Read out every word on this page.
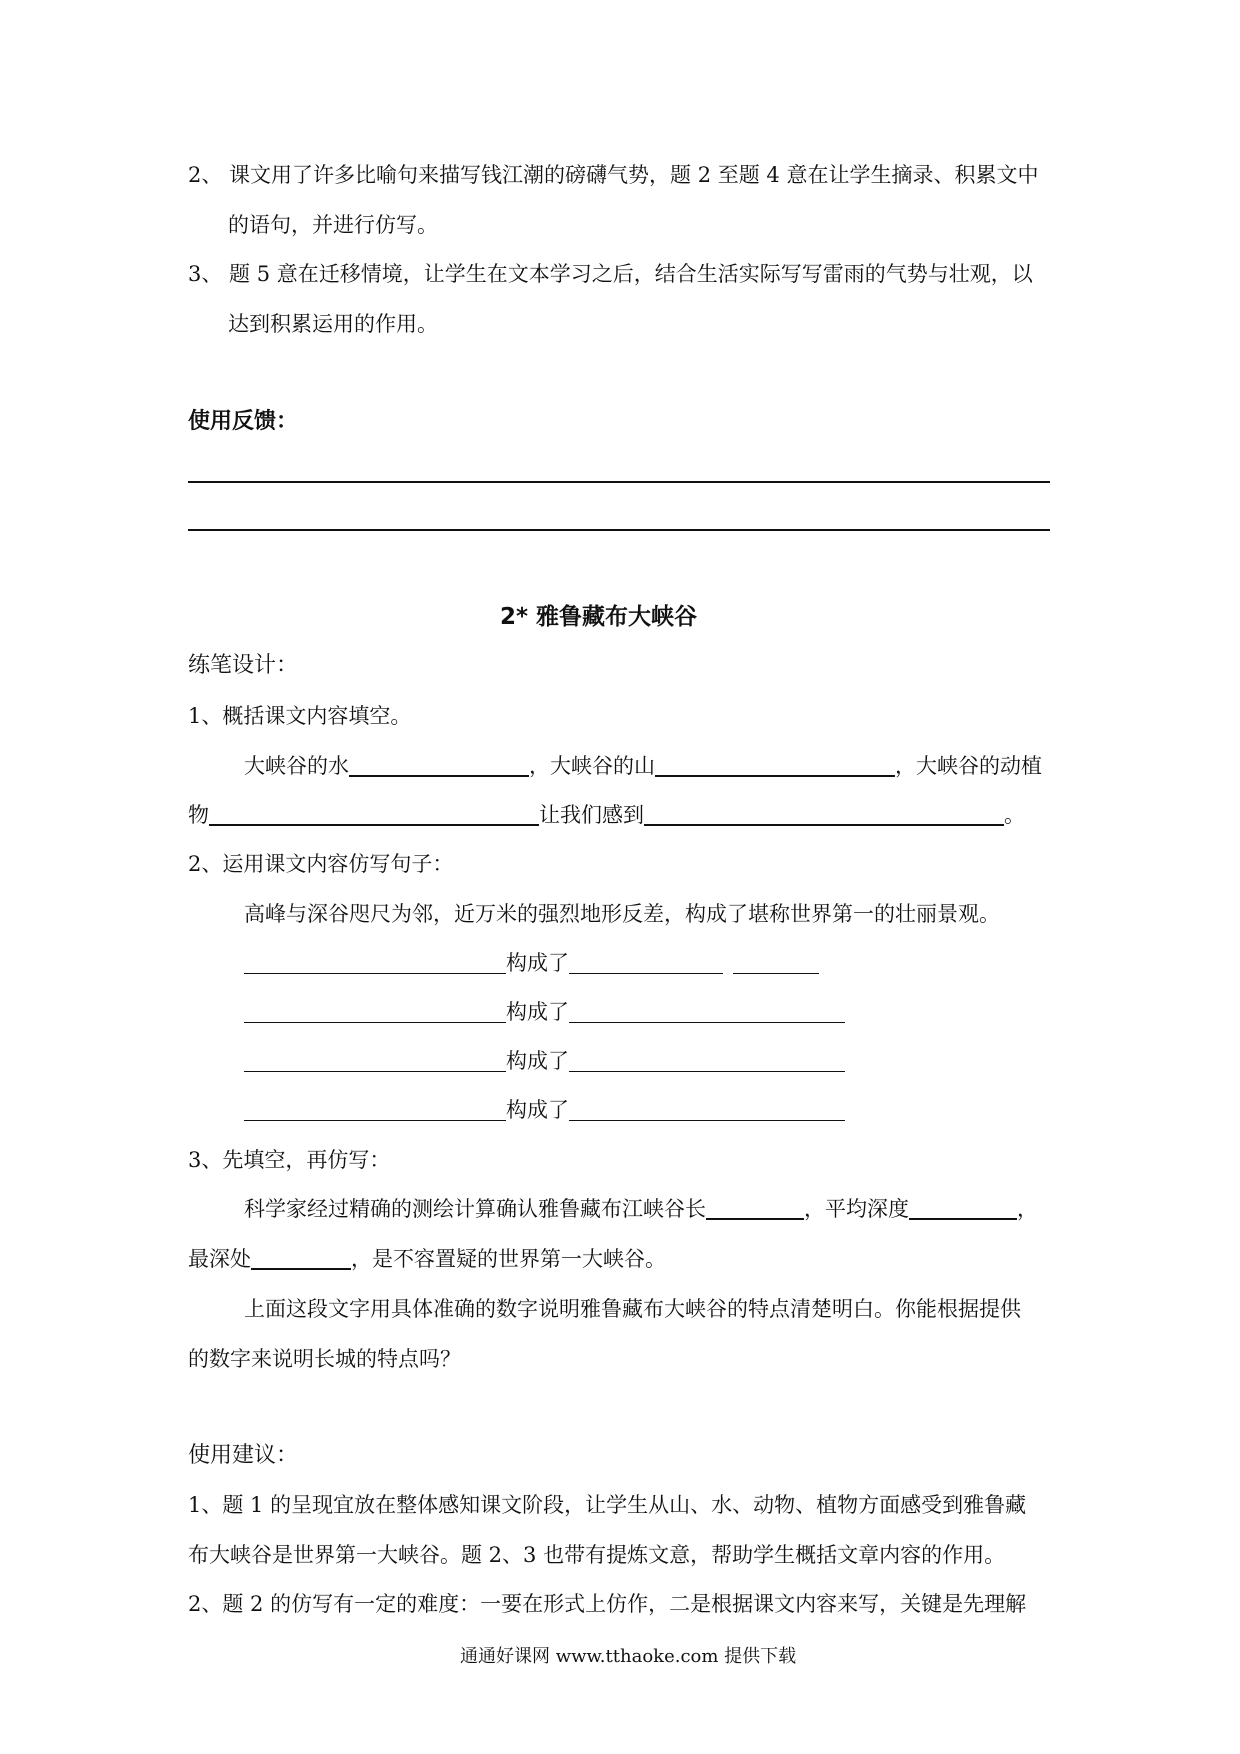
2、 课文用了许多比喻句来描写钱江潮的磅礴气势，题 2 至题 4 意在让学生摘录、积累文中
的语句，并进行仿写。
3、 题 5 意在迁移情境，让学生在文本学习之后，结合生活实际写写雷雨的气势与壮观，以
达到积累运用的作用。
使用反馈：
2* 雅鲁藏布大峡谷
练笔设计：
1、概括课文内容填空。
大峡谷的水	，大峡谷的山	，大峡谷的动植
物	让我们感到	。
2、运用课文内容仿写句子：
高峰与深谷咫尺为邻，近万米的强烈地形反差，构成了堪称世界第一的壮丽景观。
构成了
构成了
构成了
构成了
3、先填空，再仿写：
科学家经过精确的测绘计算确认雅鲁藏布江峡谷长	，平均深度	，
最深处	，是不容置疑的世界第一大峡谷。
上面这段文字用具体准确的数字说明雅鲁藏布大峡谷的特点清楚明白。你能根据提供
的数字来说明长城的特点吗？
使用建议：
1、题 1 的呈现宜放在整体感知课文阶段，让学生从山、水、动物、植物方面感受到雅鲁藏
布大峡谷是世界第一大峡谷。题 2、3 也带有提炼文意，帮助学生概括文章内容的作用。
2、题 2 的仿写有一定的难度：一要在形式上仿作，二是根据课文内容来写，关键是先理解
通通好课网 www.tthaoke.com 提供下载
